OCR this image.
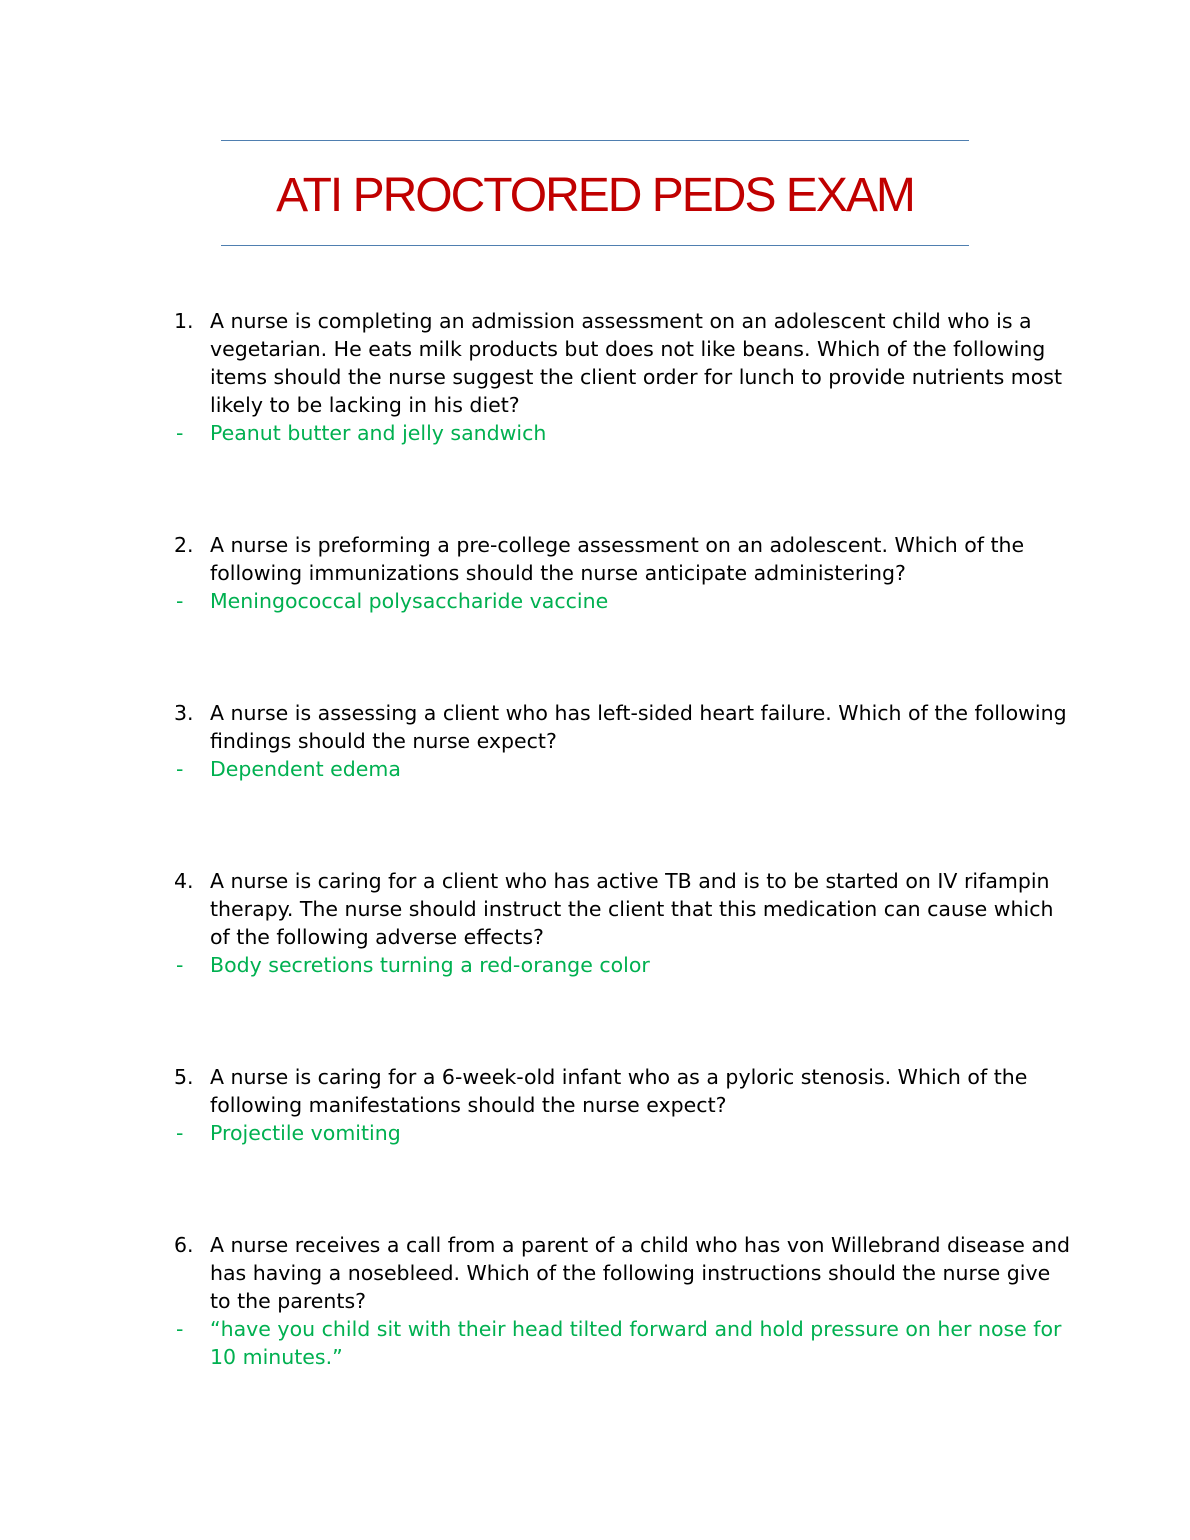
ATI PROCTORED PEDS EXAM
1. A nurse is completing an admission assessment on an adolescent child who is a vegetarian. He eats milk products but does not like beans. Which of the following items should the nurse suggest the client order for lunch to provide nutrients most likely to be lacking in his diet?
-	Peanut butter and jelly sandwich
2. A nurse is preforming a pre-college assessment on an adolescent. Which of the following immunizations should the nurse anticipate administering?
-	Meningococcal polysaccharide vaccine
3. A nurse is assessing a client who has left-sided heart failure. Which of the following findings should the nurse expect?
-	Dependent edema
4. A nurse is caring for a client who has active TB and is to be started on IV rifampin therapy. The nurse should instruct the client that this medication can cause which of the following adverse effects?
-	Body secretions turning a red-orange color
5. A nurse is caring for a 6-week-old infant who as a pyloric stenosis. Which of the following manifestations should the nurse expect?
-	Projectile vomiting
6. A nurse receives a call from a parent of a child who has von Willebrand disease and has having a nosebleed. Which of the following instructions should the nurse give to the parents?
-	“have you child sit with their head tilted forward and hold pressure on her nose for 10 minutes.”
